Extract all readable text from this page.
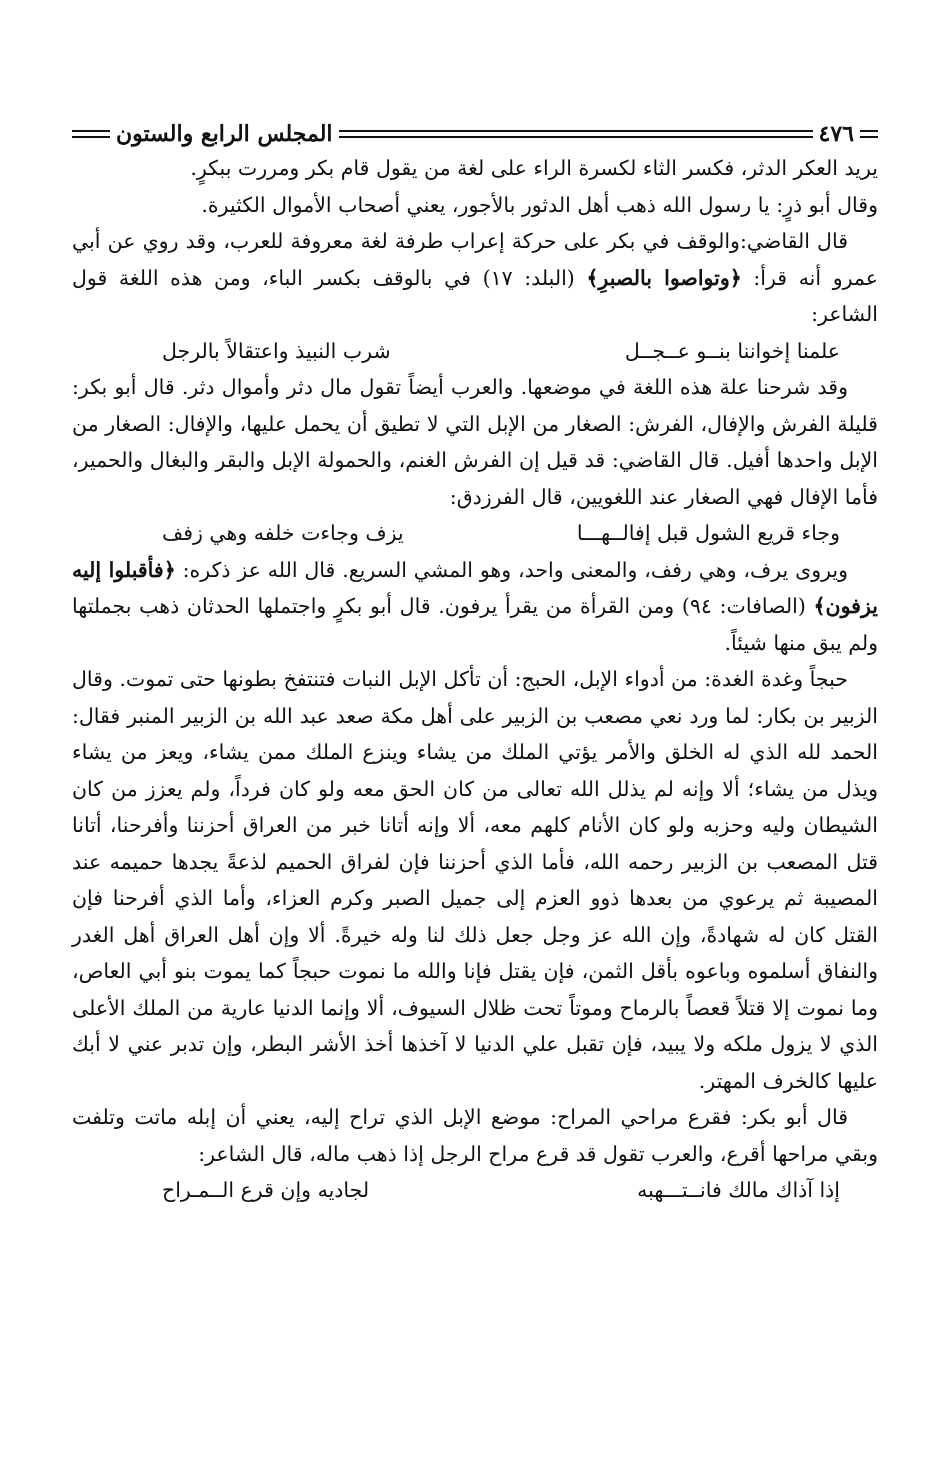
٤٧٦
المجلس الرابع والستون

يريد العكر الدثر، فكسر الثاء لكسرة الراء على لغة من يقول قام بكر ومررت ببكرٍ.

وقال أبو ذرٍ: يا رسول الله ذهب أهل الدثور بالأجور، يعني أصحاب الأموال الكثيرة.

قال القاضي:والوقف في بكر على حركة إعراب طرفة لغة معروفة للعرب، وقد روي عن أبي عمرو أنه قرأ: ﴿وتواصوا بالصبرِ﴾ (البلد: ١٧) في بالوقف بكسر الباء، ومن هذه اللغة قول الشاعر:

علمنا إخواننا بنــو عــجــل
شرب النبيذ واعتقالاً بالرجل

وقد شرحنا علة هذه اللغة في موضعها. والعرب أيضاً تقول مال دثر وأموال دثر. قال أبو بكر: قليلة الفرش والإفال، الفرش: الصغار من الإبل التي لا تطيق أن يحمل عليها، والإفال: الصغار من الإبل واحدها أفيل. قال القاضي: قد قيل إن الفرش الغنم، والحمولة الإبل والبقر والبغال والحمير، فأما الإفال فهي الصغار عند اللغويين، قال الفرزدق:

وجاء قريع الشول قبل إفالــهـــا
يزف وجاءت خلفه وهي زفف

ويروى يرف، وهي رفف، والمعنى واحد، وهو المشي السريع. قال الله عز ذكره: ﴿فأقبلوا إليه يزفون﴾ (الصافات: ٩٤) ومن القرأة من يقرأ يرفون. قال أبو بكرٍ واجتملها الحدثان ذهب بجملتها ولم يبق منها شيئاً.

حبجاً وغدة الغدة: من أدواء الإبل، الحبج: أن تأكل الإبل النبات فتنتفخ بطونها حتى تموت. وقال الزبير بن بكار: لما ورد نعي مصعب بن الزبير على أهل مكة صعد عبد الله بن الزبير المنبر فقال: الحمد لله الذي له الخلق والأمر يؤتي الملك من يشاء وينزع الملك ممن يشاء، ويعز من يشاء ويذل من يشاء؛ ألا وإنه لم يذلل الله تعالى من كان الحق معه ولو كان فرداً، ولم يعزز من كان الشيطان وليه وحزبه ولو كان الأنام كلهم معه، ألا وإنه أتانا خبر من العراق أحزننا وأفرحنا، أتانا قتل المصعب بن الزبير رحمه الله، فأما الذي أحزننا فإن لفراق الحميم لذعةً يجدها حميمه عند المصيبة ثم يرعوي من بعدها ذوو العزم إلى جميل الصبر وكرم العزاء، وأما الذي أفرحنا فإن القتل كان له شهادةً، وإن الله عز وجل جعل ذلك لنا وله خيرةً. ألا وإن أهل العراق أهل الغدر والنفاق أسلموه وباعوه بأقل الثمن، فإن يقتل فإنا والله ما نموت حبجاً كما يموت بنو أبي العاص، وما نموت إلا قتلاً قعصاً بالرماح وموتاً تحت ظلال السيوف، ألا وإنما الدنيا عارية من الملك الأعلى الذي لا يزول ملكه ولا يبيد، فإن تقبل علي الدنيا لا آخذها أخذ الأشر البطر، وإن تدبر عني لا أبك عليها كالخرف المهتر.

قال أبو بكر: فقرع مراحي المراح: موضع الإبل الذي تراح إليه، يعني أن إبله ماتت وتلفت وبقي مراحها أقرع، والعرب تقول قد قرع مراح الرجل إذا ذهب ماله، قال الشاعر:

إذا آذاك مالك فانــتـــهبه
لجاديه وإن قرع الــمـراح
